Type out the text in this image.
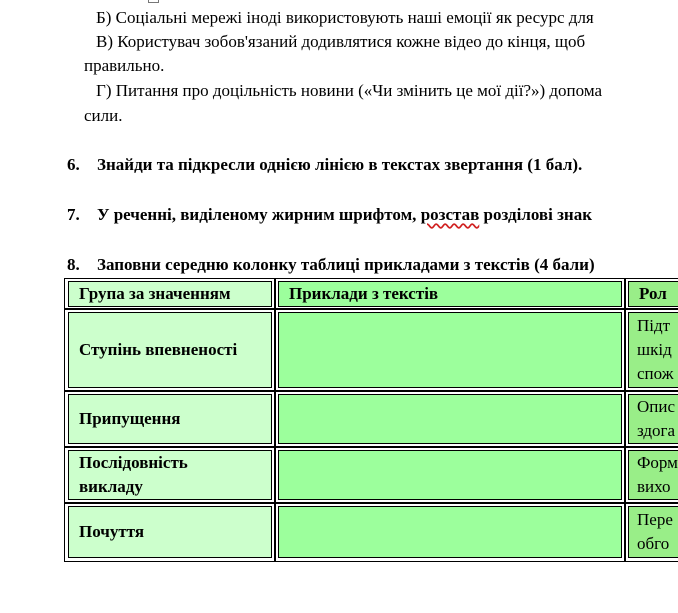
Б) Соціальні мережі іноді використовують наші емоції як ресурс для
В) Користувач зобов'язаний додивлятися кожне відео до кінця, щоб
правильно.
Г) Питання про доцільність новини («Чи змінить це мої дії?») допома
сили.
6. Знайди та підкресли однією лінією в текстах звертання (1 бал).
7. У реченні, виділеному жирним шрифтом, розстав розділові знак
8. Заповни середню колонку таблиці прикладами з текстів (4 бали)
Група за значенням	Приклади з текстів	Рол
Ступінь впевненості
Підт
шкід
спож
Припущення
Опис
здога
Послідовність викладу
Форм
вихо
Почуття
Пере
обго
